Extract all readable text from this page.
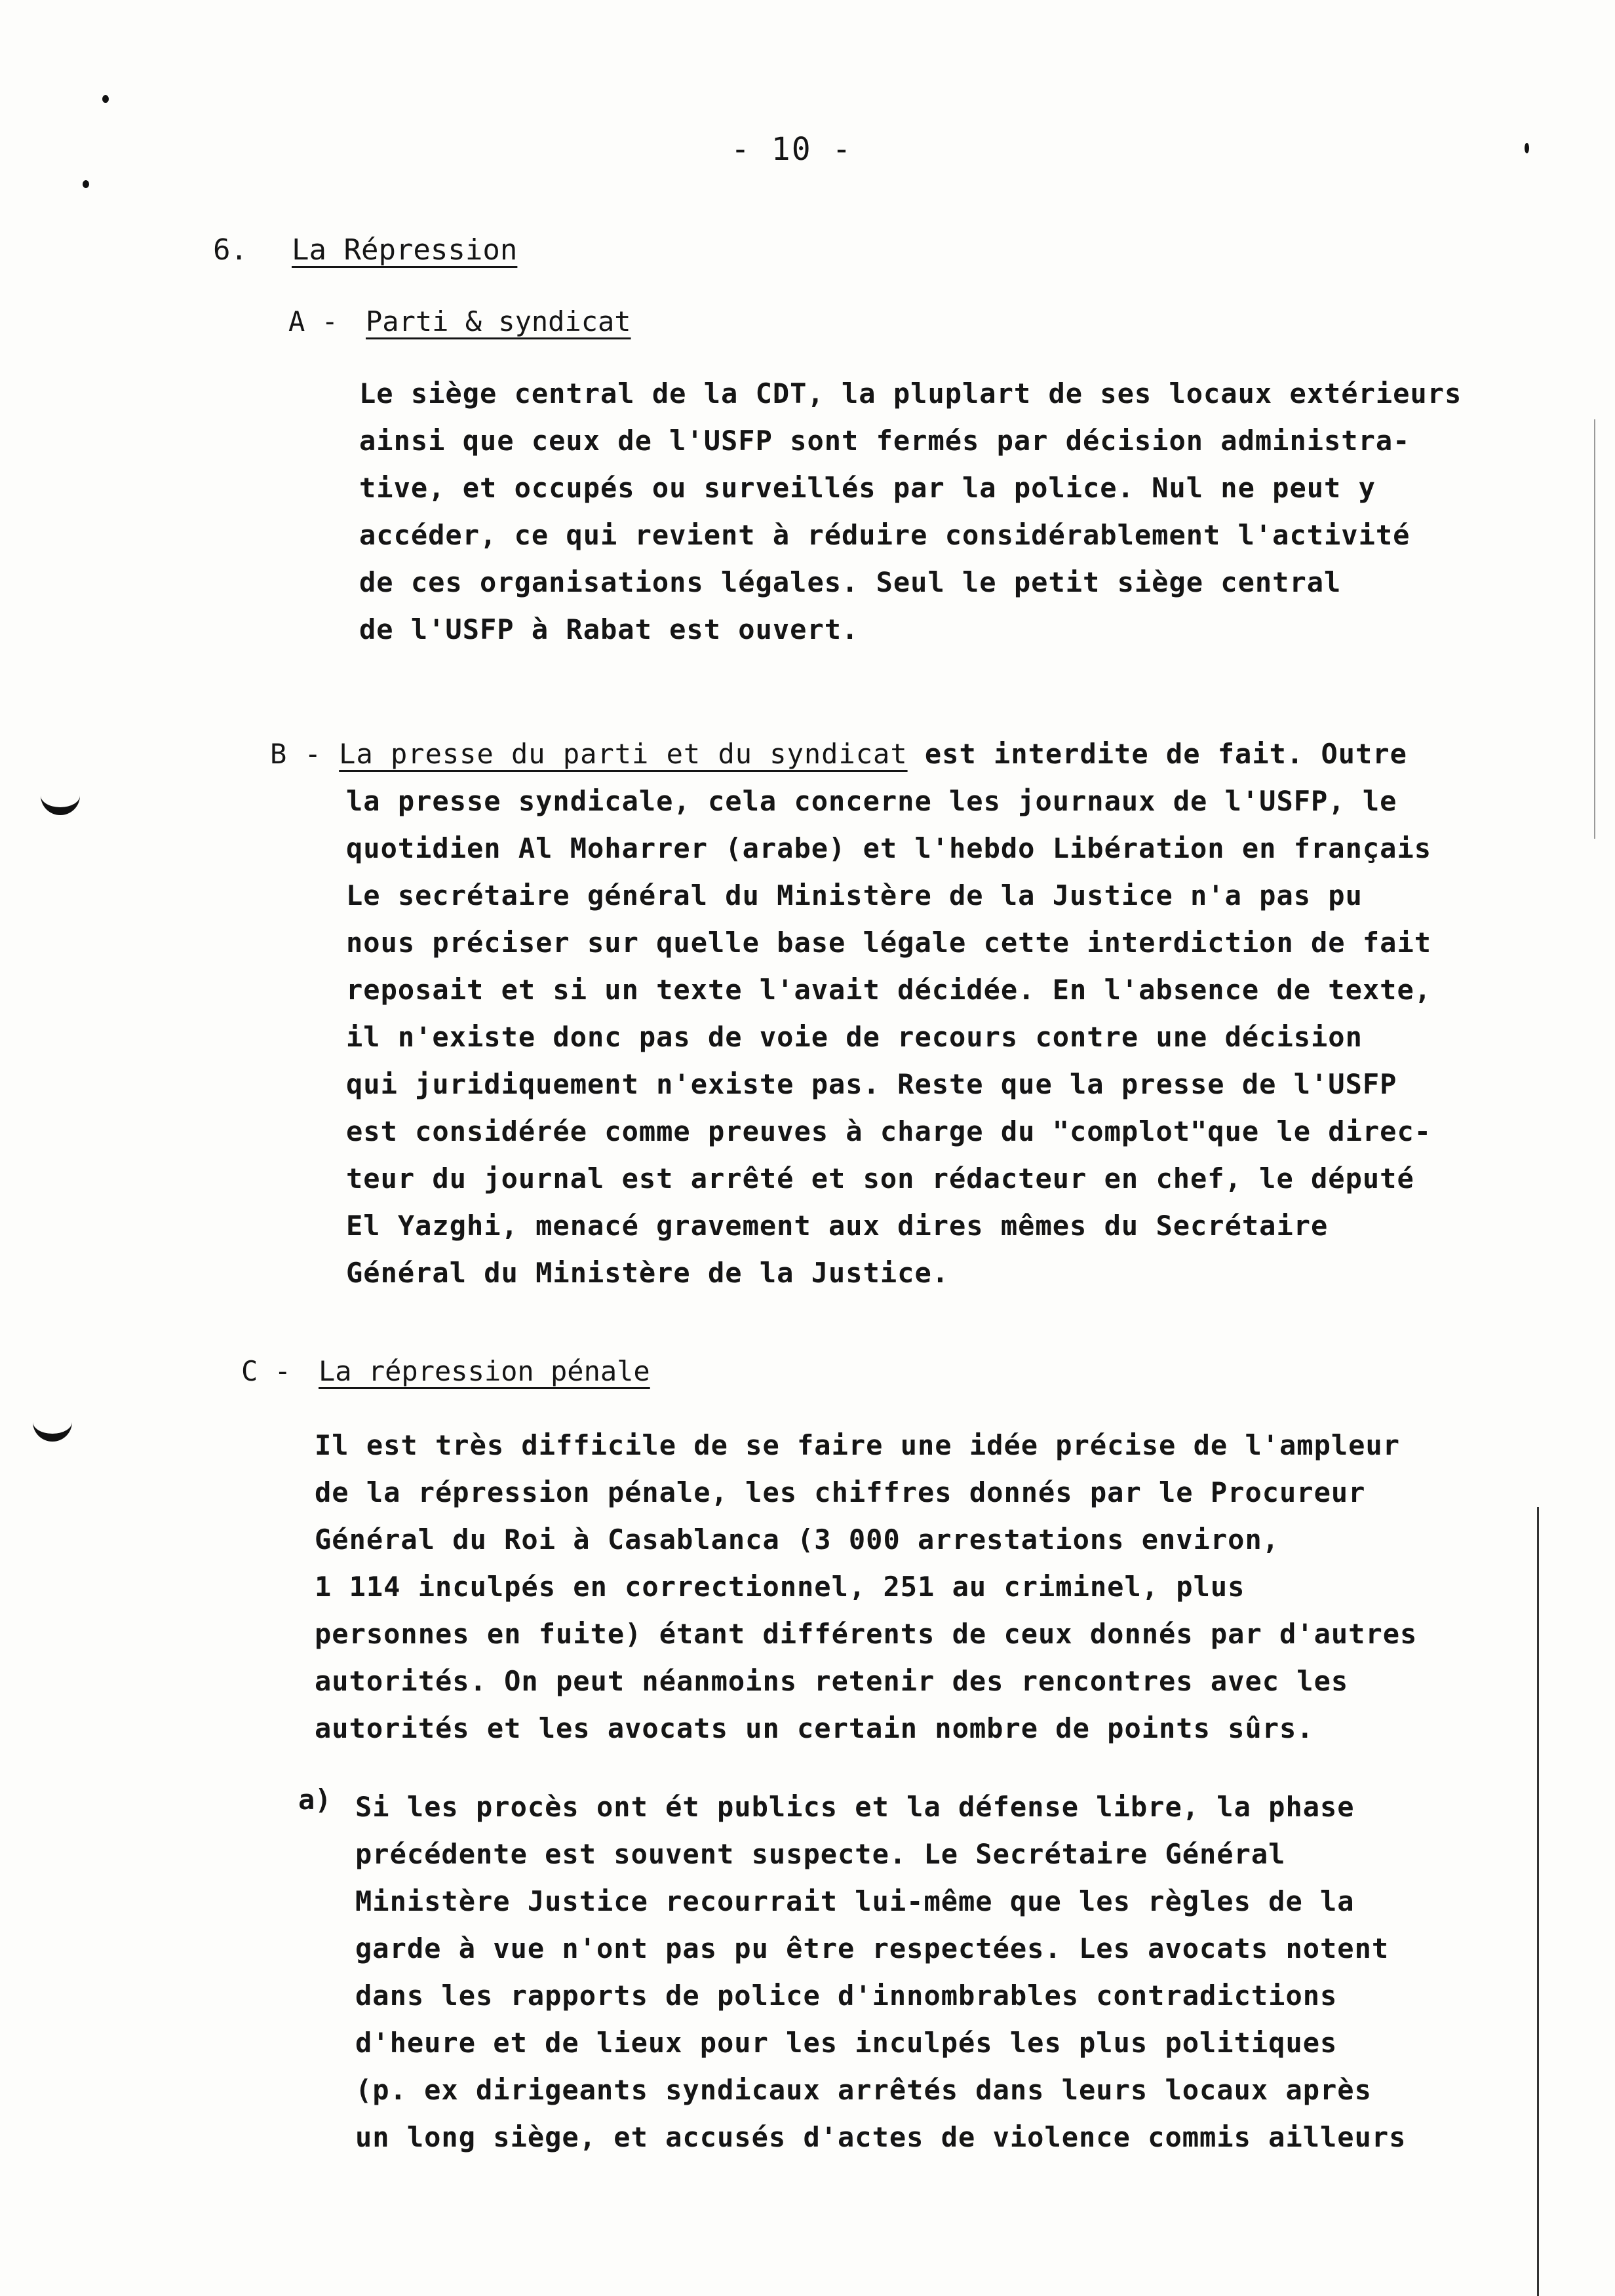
- 10 -
6. La Répression
A - Parti & syndicat
Le siège central de la CDT, la pluplart de ses locaux extérieurs
ainsi que ceux de l'USFP sont fermés par décision administra-
tive, et occupés ou surveillés par la police. Nul ne peut y
accéder, ce qui revient à réduire considérablement l'activité
de ces organisations légales. Seul le petit siège central
de l'USFP à Rabat est ouvert.
B - La presse du parti et du syndicat est interdite de fait. Outre
la presse syndicale, cela concerne les journaux de l'USFP, le
quotidien Al Moharrer (arabe) et l'hebdo Libération en français
Le secrétaire général du Ministère de la Justice n'a pas pu
nous préciser sur quelle base légale cette interdiction de fait
reposait et si un texte l'avait décidée. En l'absence de texte,
il n'existe donc pas de voie de recours contre une décision
qui juridiquement n'existe pas. Reste que la presse de l'USFP
est considérée comme preuves à charge du "complot"que le direc-
teur du journal est arrêté et son rédacteur en chef, le député
El Yazghi, menacé gravement aux dires mêmes du Secrétaire
Général du Ministère de la Justice.
C - La répression pénale
Il est très difficile de se faire une idée précise de l'ampleur
de la répression pénale, les chiffres donnés par le Procureur
Général du Roi à Casablanca (3 000 arrestations environ,
1 114 inculpés en correctionnel, 251 au criminel, plus
personnes en fuite) étant différents de ceux donnés par d'autres
autorités. On peut néanmoins retenir des rencontres avec les
autorités et les avocats un certain nombre de points sûrs.
a) Si les procès ont ét publics et la défense libre, la phase
précédente est souvent suspecte. Le Secrétaire Général
Ministère Justice recourrait lui-même que les règles de la
garde à vue n'ont pas pu être respectées. Les avocats notent
dans les rapports de police d'innombrables contradictions
d'heure et de lieux pour les inculpés les plus politiques
(p. ex dirigeants syndicaux arrêtés dans leurs locaux après
un long siège, et accusés d'actes de violence commis ailleurs
